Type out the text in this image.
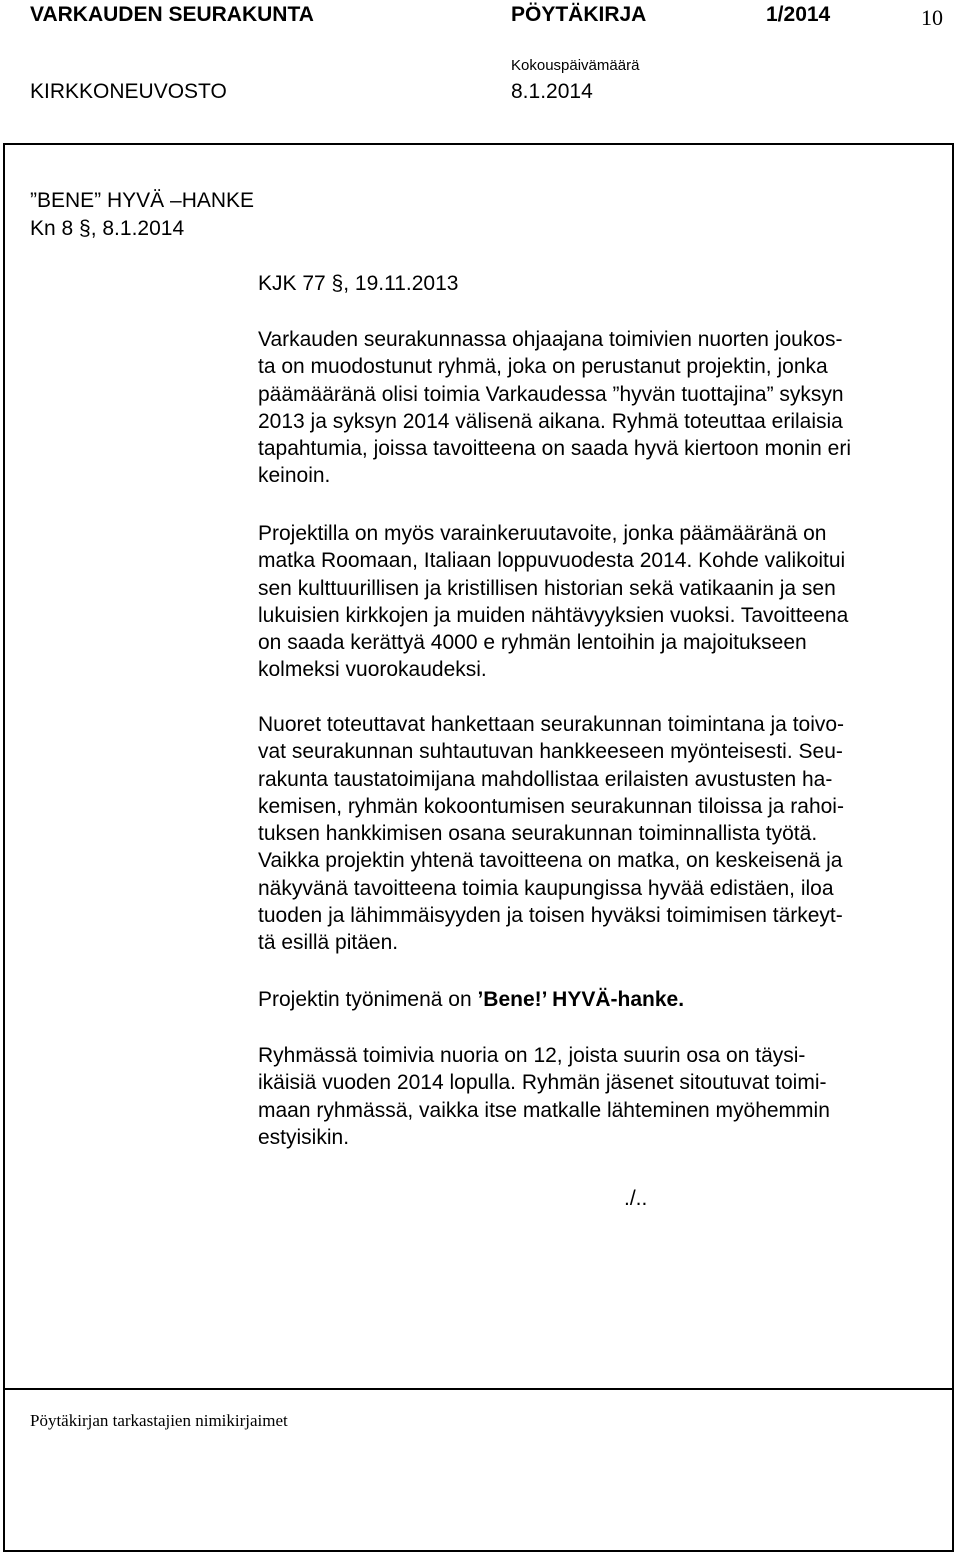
VARKAUDEN SEURAKUNTA	PÖYTÄKIRJA	1/2014	10
Kokouspäivämäärä
KIRKKONEUVOSTO	8.1.2014
”BENE” HYVÄ –HANKE
Kn 8 §, 8.1.2014

KJK 77 §, 19.11.2013

Varkauden seurakunnassa ohjaajana toimivien nuorten joukos-

ta on muodostunut ryhmä, joka on perustanut projektin, jonka

päämääränä olisi toimia Varkaudessa ”hyvän tuottajina” syksyn

2013 ja syksyn 2014 välisenä aikana. Ryhmä toteuttaa erilaisia

tapahtumia, joissa tavoitteena on saada hyvä kiertoon monin eri

keinoin.

Projektilla on myös varainkeruutavoite, jonka päämääränä on

matka Roomaan, Italiaan loppuvuodesta 2014. Kohde valikoitui

sen kulttuurillisen ja kristillisen historian sekä vatikaanin ja sen

lukuisien kirkkojen ja muiden nähtävyyksien vuoksi. Tavoitteena

on saada kerättyä 4000 e ryhmän lentoihin ja majoitukseen

kolmeksi vuorokaudeksi.

Nuoret toteuttavat hankettaan seurakunnan toimintana ja toivo-

vat seurakunnan suhtautuvan hankkeeseen myönteisesti. Seu-

rakunta taustatoimijana mahdollistaa erilaisten avustusten ha-

kemisen, ryhmän kokoontumisen seurakunnan tiloissa ja rahoi-

tuksen hankkimisen osana seurakunnan toiminnallista työtä.

Vaikka projektin yhtenä tavoitteena on matka, on keskeisenä ja

näkyvänä tavoitteena toimia kaupungissa hyvää edistäen, iloa

tuoden ja lähimmäisyyden ja toisen hyväksi toimimisen tärkeyt-

tä esillä pitäen.

Projektin työnimenä on ’Bene!’ HYVÄ-hanke.

Ryhmässä toimivia nuoria on 12, joista suurin osa on täysi-

ikäisiä vuoden 2014 lopulla. Ryhmän jäsenet sitoutuvat toimi-

maan ryhmässä, vaikka itse matkalle lähteminen myöhemmin

estyisikin.

./..
Pöytäkirjan tarkastajien nimikirjaimet
